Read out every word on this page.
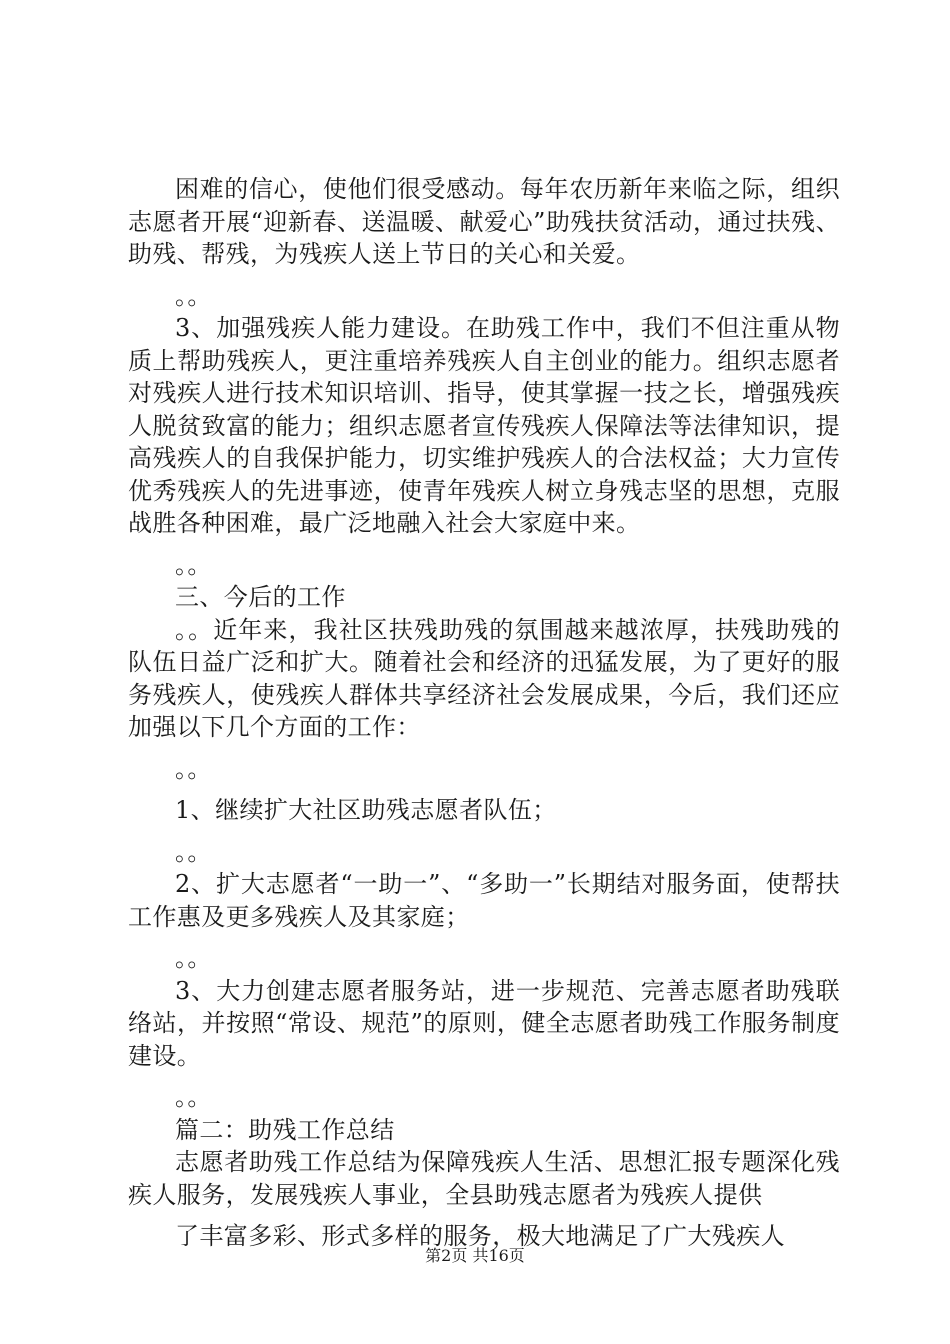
困难的信心，使他们很受感动。每年农历新年来临之际，组织志愿者开展“迎新春、送温暖、献爱心”助残扶贫活动，通过扶残、助残、帮残，为残疾人送上节日的关心和关爱。

。。

3、加强残疾人能力建设。在助残工作中，我们不但注重从物质上帮助残疾人，更注重培养残疾人自主创业的能力。组织志愿者对残疾人进行技术知识培训、指导，使其掌握一技之长，增强残疾人脱贫致富的能力；组织志愿者宣传残疾人保障法等法律知识，提高残疾人的自我保护能力，切实维护残疾人的合法权益；大力宣传优秀残疾人的先进事迹，使青年残疾人树立身残志坚的思想，克服战胜各种困难，最广泛地融入社会大家庭中来。

。。

三、今后的工作

。。近年来，我社区扶残助残的氛围越来越浓厚，扶残助残的队伍日益广泛和扩大。随着社会和经济的迅猛发展，为了更好的服务残疾人，使残疾人群体共享经济社会发展成果，今后，我们还应加强以下几个方面的工作：

。。

1、继续扩大社区助残志愿者队伍；

。。

2、扩大志愿者“一助一”、“多助一”长期结对服务面，使帮扶工作惠及更多残疾人及其家庭；

。。

3、大力创建志愿者服务站，进一步规范、完善志愿者助残联络站，并按照“常设、规范”的原则，健全志愿者助残工作服务制度建设。

。。

篇二：助残工作总结

志愿者助残工作总结为保障残疾人生活、思想汇报专题深化残疾人服务，发展残疾人事业，全县助残志愿者为残疾人提供

了丰富多彩、形式多样的服务，极大地满足了广大残疾人

第2页 共16页
